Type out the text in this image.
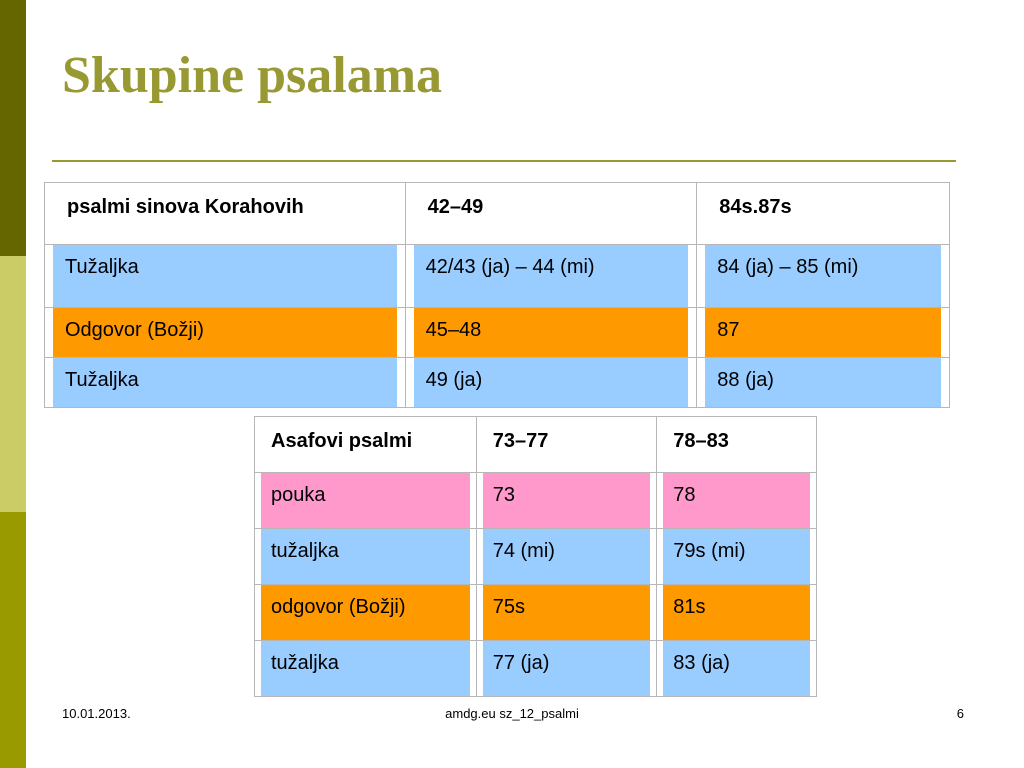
Skupine psalama
psalmi sinova Korahovih	42–49	84s.87s

Tužaljka	42/43 (ja) – 44 (mi)	84 (ja) – 85 (mi)

Odgovor (Božji)	45–48	87

Tužaljka	49 (ja)	88 (ja)
Asafovi psalmi	73–77	78–83

pouka	73	78

tužaljka	74 (mi)	79s (mi)

odgovor (Božji)	75s	81s

tužaljka	77 (ja)	83 (ja)
10.01.2013.	amdg.eu sz_12_psalmi	6
